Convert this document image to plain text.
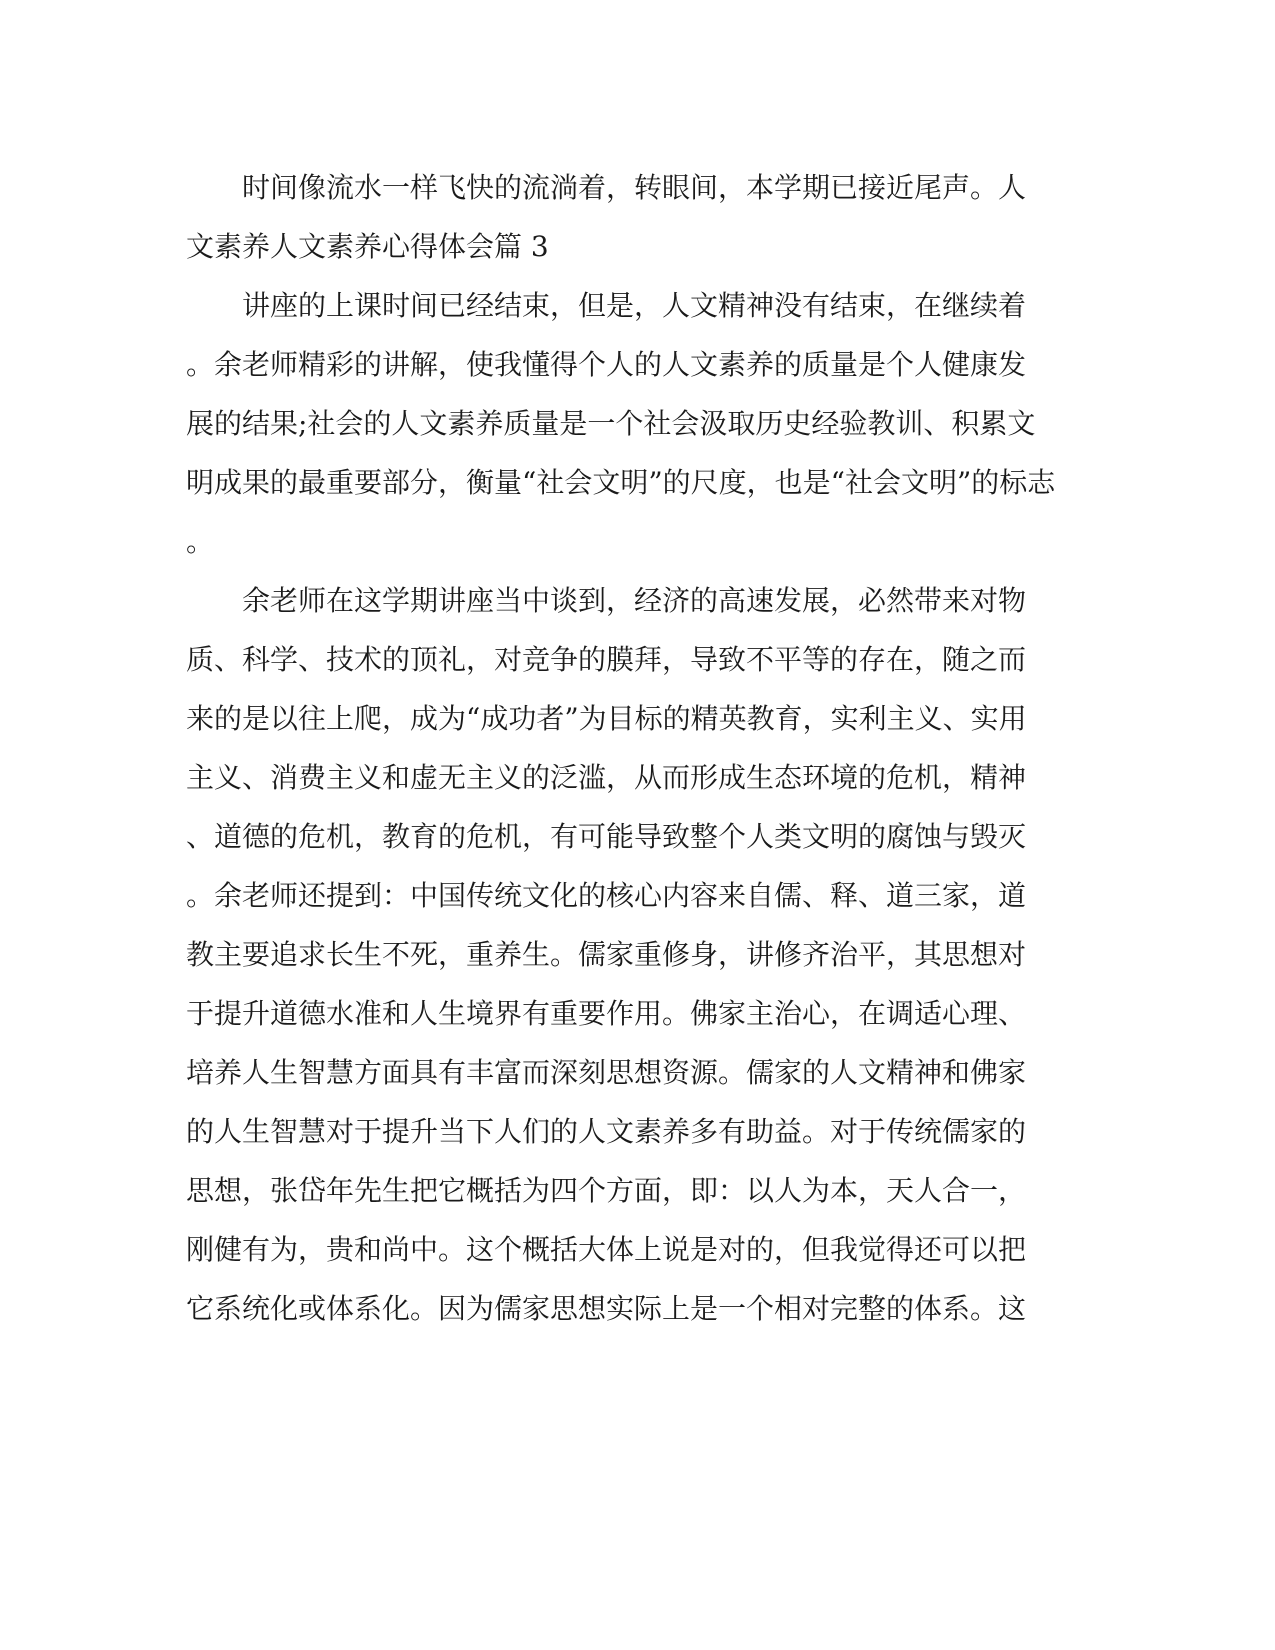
　　时间像流水一样飞快的流淌着，转眼间，本学期已接近尾声。人
文素养人文素养心得体会篇 3
　　讲座的上课时间已经结束，但是，人文精神没有结束，在继续着
。余老师精彩的讲解，使我懂得个人的人文素养的质量是个人健康发
展的结果;社会的人文素养质量是一个社会汲取历史经验教训、积累文
明成果的最重要部分，衡量“社会文明”的尺度，也是“社会文明”的标志
。
　　余老师在这学期讲座当中谈到，经济的高速发展，必然带来对物
质、科学、技术的顶礼，对竞争的膜拜，导致不平等的存在，随之而
来的是以往上爬，成为“成功者”为目标的精英教育，实利主义、实用
主义、消费主义和虚无主义的泛滥，从而形成生态环境的危机，精神
、道德的危机，教育的危机，有可能导致整个人类文明的腐蚀与毁灭
。余老师还提到：中国传统文化的核心内容来自儒、释、道三家，道
教主要追求长生不死，重养生。儒家重修身，讲修齐治平，其思想对
于提升道德水准和人生境界有重要作用。佛家主治心，在调适心理、
培养人生智慧方面具有丰富而深刻思想资源。儒家的人文精神和佛家
的人生智慧对于提升当下人们的人文素养多有助益。对于传统儒家的
思想，张岱年先生把它概括为四个方面，即：以人为本，天人合一，
刚健有为，贵和尚中。这个概括大体上说是对的，但我觉得还可以把
它系统化或体系化。因为儒家思想实际上是一个相对完整的体系。这
